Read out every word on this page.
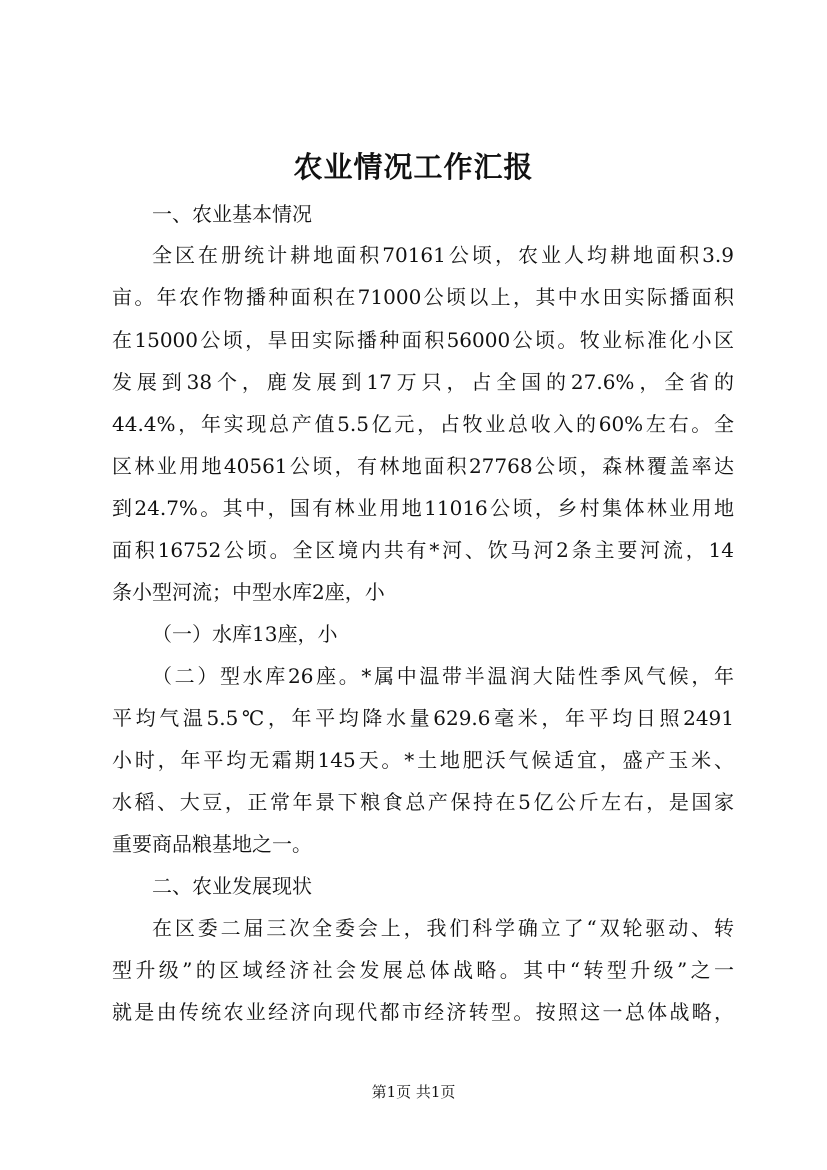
农业情况工作汇报
一、农业基本情况
全区在册统计耕地面积70161公顷，农业人均耕地面积3.9
亩。年农作物播种面积在71000公顷以上，其中水田实际播面积
在15000公顷，旱田实际播种面积56000公顷。牧业标准化小区
发展到38个，鹿发展到17万只，占全国的27.6%，全省的
44.4%，年实现总产值5.5亿元，占牧业总收入的60%左右。全
区林业用地40561公顷，有林地面积27768公顷，森林覆盖率达
到24.7%。其中，国有林业用地11016公顷，乡村集体林业用地
面积16752公顷。全区境内共有*河、饮马河2条主要河流，14
条小型河流；中型水库2座，小
（一）水库13座，小
（二）型水库26座。*属中温带半温润大陆性季风气候，年
平均气温5.5℃，年平均降水量629.6毫米，年平均日照2491
小时，年平均无霜期145天。*土地肥沃气候适宜，盛产玉米、
水稻、大豆，正常年景下粮食总产保持在5亿公斤左右，是国家
重要商品粮基地之一。
二、农业发展现状
在区委二届三次全委会上，我们科学确立了“双轮驱动、转
型升级”的区域经济社会发展总体战略。其中“转型升级”之一
就是由传统农业经济向现代都市经济转型。按照这一总体战略，
第1页 共1页
